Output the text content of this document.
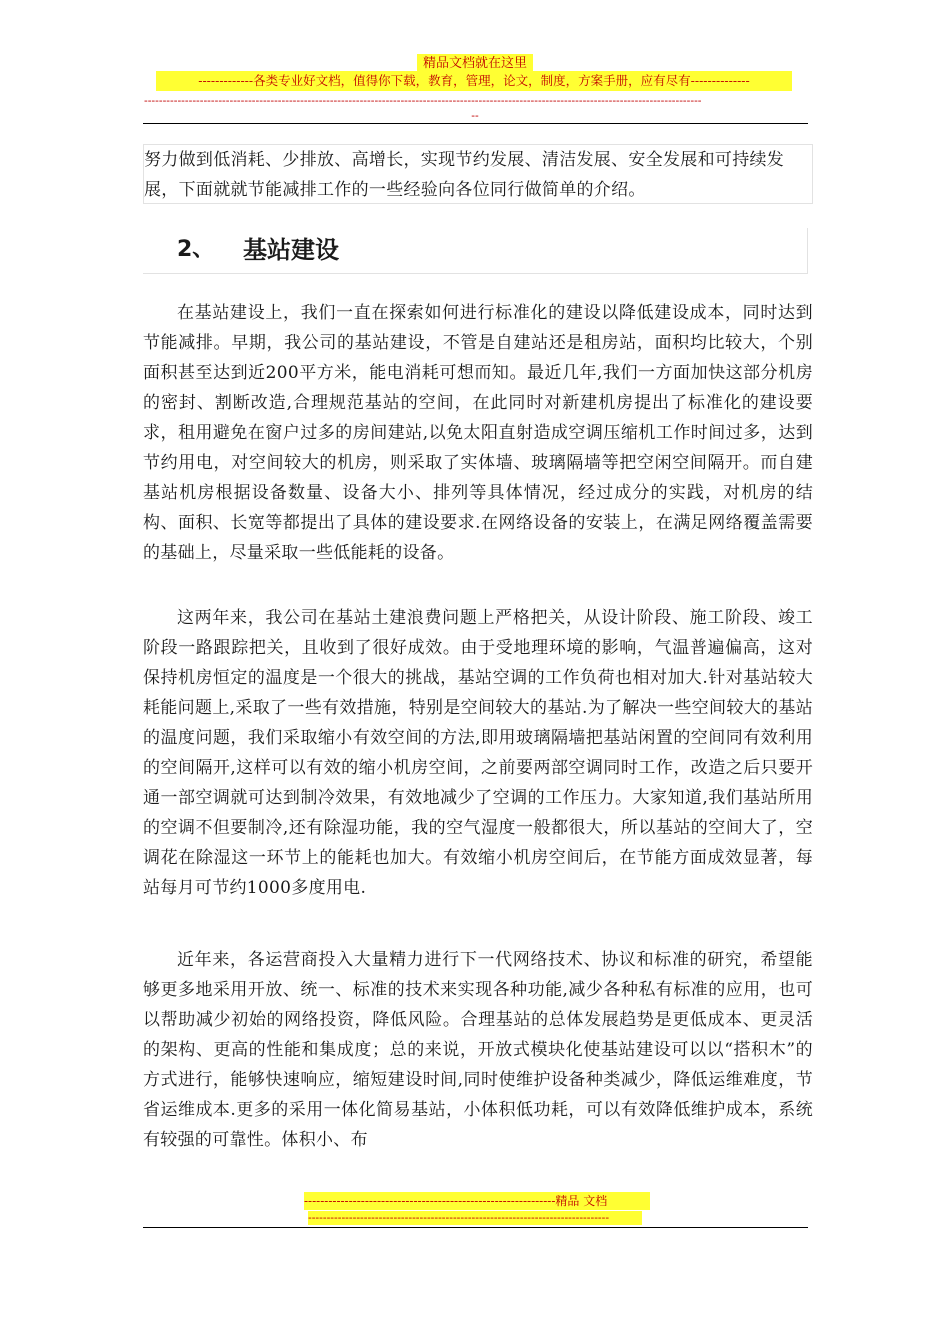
精品文档就在这里
-------------各类专业好文档，值得你下载，教育，管理，论文，制度，方案手册，应有尽有--------------
------------------------------------------------------------------------------------------------------------------------------------------------------
--

努力做到低消耗、少排放、高增长，实现节约发展、清洁发展、安全发展和可持续发展，下面就就节能减排工作的一些经验向各位同行做简单的介绍。

2、 基站建设

在基站建设上，我们一直在探索如何进行标准化的建设以降低建设成本，同时达到节能减排。早期，我公司的基站建设，不管是自建站还是租房站，面积均比较大，个别面积甚至达到近200平方米，能电消耗可想而知。最近几年,我们一方面加快这部分机房的密封、割断改造,合理规范基站的空间，在此同时对新建机房提出了标准化的建设要求，租用避免在窗户过多的房间建站,以免太阳直射造成空调压缩机工作时间过多，达到节约用电，对空间较大的机房，则采取了实体墙、玻璃隔墙等把空闲空间隔开。而自建基站机房根据设备数量、设备大小、排列等具体情况，经过成分的实践，对机房的结构、面积、长宽等都提出了具体的建设要求.在网络设备的安装上，在满足网络覆盖需要的基础上，尽量采取一些低能耗的设备。

这两年来，我公司在基站土建浪费问题上严格把关，从设计阶段、施工阶段、竣工阶段一路跟踪把关，且收到了很好成效。由于受地理环境的影响，气温普遍偏高，这对保持机房恒定的温度是一个很大的挑战，基站空调的工作负荷也相对加大.针对基站较大耗能问题上,采取了一些有效措施，特别是空间较大的基站.为了解决一些空间较大的基站的温度问题，我们采取缩小有效空间的方法,即用玻璃隔墙把基站闲置的空间同有效利用的空间隔开,这样可以有效的缩小机房空间，之前要两部空调同时工作，改造之后只要开通一部空调就可达到制冷效果，有效地减少了空调的工作压力。大家知道,我们基站所用的空调不但要制冷,还有除湿功能，我的空气湿度一般都很大，所以基站的空间大了，空调花在除湿这一环节上的能耗也加大。有效缩小机房空间后，在节能方面成效显著，每站每月可节约1000多度用电.

近年来，各运营商投入大量精力进行下一代网络技术、协议和标准的研究，希望能够更多地采用开放、统一、标准的技术来实现各种功能,减少各种私有标准的应用，也可以帮助减少初始的网络投资，降低风险。合理基站的总体发展趋势是更低成本、更灵活的架构、更高的性能和集成度；总的来说，开放式模块化使基站建设可以以“搭积木”的方式进行，能够快速响应，缩短建设时间,同时使维护设备种类减少，降低运维难度，节省运维成本.更多的采用一体化简易基站，小体积低功耗，可以有效降低维护成本，系统有较强的可靠性。体积小、布

--------------------------------------------------------------精品 文档
---------------------------------------------------------------------------------
